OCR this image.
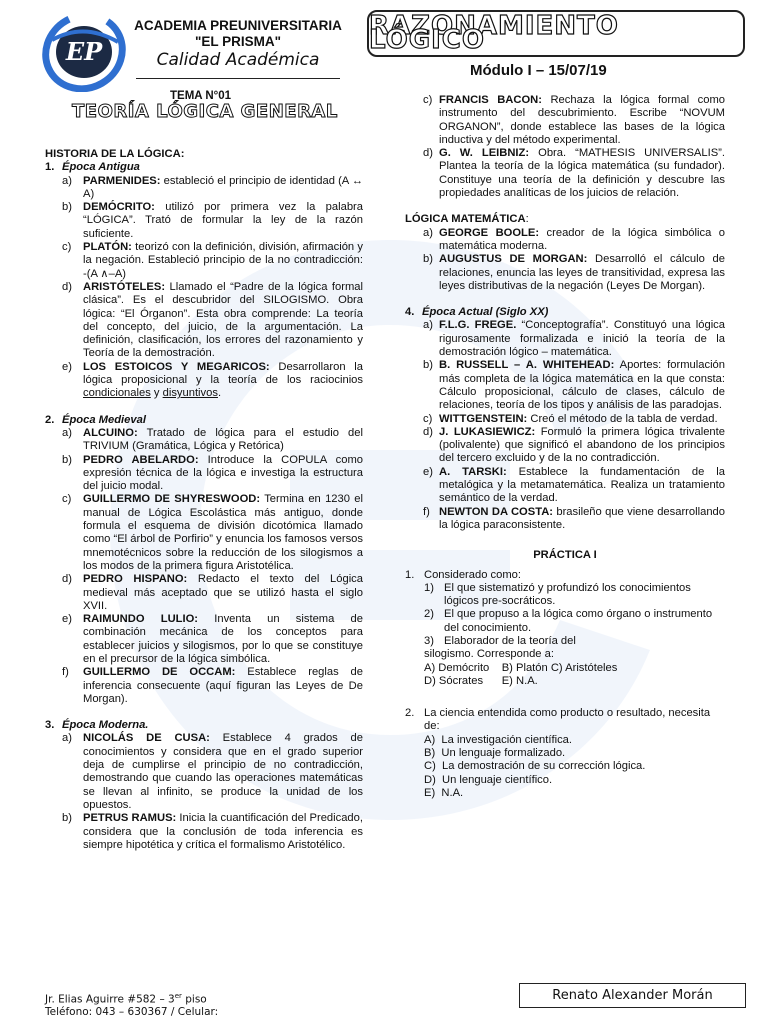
EP
ACADEMIA PREUNIVERSITARIA
"EL PRISMA"
Calidad Académica
RAZONAMIENTO LÓGICO
Módulo I – 15/07/19
TEMA N°01
TEORÍA LÓGICA GENERAL
HISTORIA DE LA LÓGICA:
1. Época Antigua
a) PARMENIDES: estableció el principio de identidad (A ↔ A)
b) DEMÓCRITO: utilizó por primera vez la palabra “LÓGICA”. Trató de formular la ley de la razón suficiente.
c) PLATÓN: teorizó con la definición, división, afirmación y la negación. Estableció principio de la no contradicción: -(A ∧–A)
d) ARISTÓTELES: Llamado el “Padre de la lógica formal clásica”. Es el descubridor del SILOGISMO. Obra lógica: “El Órganon”. Esta obra comprende: La teoría del concepto, del juicio, de la argumentación. La definición, clasificación, los errores del razonamiento y Teoría de la demostración.
e) LOS ESTOICOS Y MEGARICOS: Desarrollaron la lógica proposicional y la teoría de los raciocinios condicionales y disyuntivos.
2. Época Medieval
a) ALCUINO: Tratado de lógica para el estudio del TRIVIUM (Gramática, Lógica y Retórica)
b) PEDRO ABELARDO: Introduce la COPULA como expresión técnica de la lógica e investiga la estructura del juicio modal.
c) GUILLERMO DE SHYRESWOOD: Termina en 1230 el manual de Lógica Escolástica más antiguo, donde formula el esquema de división dicotómica llamado como “El árbol de Porfirio” y enuncia los famosos versos mnemotécnicos sobre la reducción de los silogismos a los modos de la primera figura Aristotélica.
d) PEDRO HISPANO: Redacto el texto del Lógica medieval más aceptado que se utilizó hasta el siglo XVII.
e) RAIMUNDO LULIO: Inventa un sistema de combinación mecánica de los conceptos para establecer juicios y silogismos, por lo que se constituye en el precursor de la lógica simbólica.
f) GUILLERMO DE OCCAM: Establece reglas de inferencia consecuente (aquí figuran las Leyes de De Morgan).
3. Época Moderna.
a) NICOLÁS DE CUSA: Establece 4 grados de conocimientos y considera que en el grado superior deja de cumplirse el principio de no contradicción, demostrando que cuando las operaciones matemáticas se llevan al infinito, se produce la unidad de los opuestos.
b) PETRUS RAMUS: Inicia la cuantificación del Predicado, considera que la conclusión de toda inferencia es siempre hipotética y crítica el formalismo Aristotélico.
c) FRANCIS BACON: Rechaza la lógica formal como instrumento del descubrimiento. Escribe “NOVUM ORGANON”, donde establece las bases de la lógica inductiva y del método experimental.
d) G. W. LEIBNIZ: Obra. “MATHESIS UNIVERSALIS”. Plantea la teoría de la lógica matemática (su fundador). Constituye una teoría de la definición y descubre las propiedades analíticas de los juicios de relación.
LÓGICA MATEMÁTICA:
a) GEORGE BOOLE: creador de la lógica simbólica o matemática moderna.
b) AUGUSTUS DE MORGAN: Desarrolló el cálculo de relaciones, enuncia las leyes de transitividad, expresa las leyes distributivas de la negación (Leyes De Morgan).
4. Época Actual (Siglo XX)
a) F.L.G. FREGE. “Conceptografía”. Constituyó una lógica rigurosamente formalizada e inició la teoría de la demostración lógico – matemática.
b) B. RUSSELL – A. WHITEHEAD: Aportes: formulación más completa de la lógica matemática en la que consta: Cálculo proposicional, cálculo de clases, cálculo de relaciones, teoría de los tipos y análisis de las paradojas.
c) WITTGENSTEIN: Creó el método de la tabla de verdad.
d) J. LUKASIEWICZ: Formuló la primera lógica trivalente (polivalente) que significó el abandono de los principios del tercero excluido y de la no contradicción.
e) A. TARSKI: Establece la fundamentación de la metalógica y la metamatemática. Realiza un tratamiento semántico de la verdad.
f) NEWTON DA COSTA: brasileño que viene desarrollando la lógica paraconsistente.
PRÁCTICA I
1. Considerado como:
1) El que sistematizó y profundizó los conocimientos lógicos pre-socráticos.
2) El que propuso a la lógica como órgano o instrumento del conocimiento.
3) Elaborador de la teoría del
silogismo. Corresponde a:
A) Demócrito    B) Platón C) Aristóteles
D) Sócrates      E) N.A.
2. La ciencia entendida como producto o resultado, necesita de:
A)  La investigación científica.
B)  Un lenguaje formalizado.
C)  La demostración de su corrección lógica.
D)  Un lenguaje científico.
E)  N.A.
Jr. Elias Aguirre #582 – 3er piso
Teléfono: 043 – 630367 / Celular:
Renato Alexander Morán
